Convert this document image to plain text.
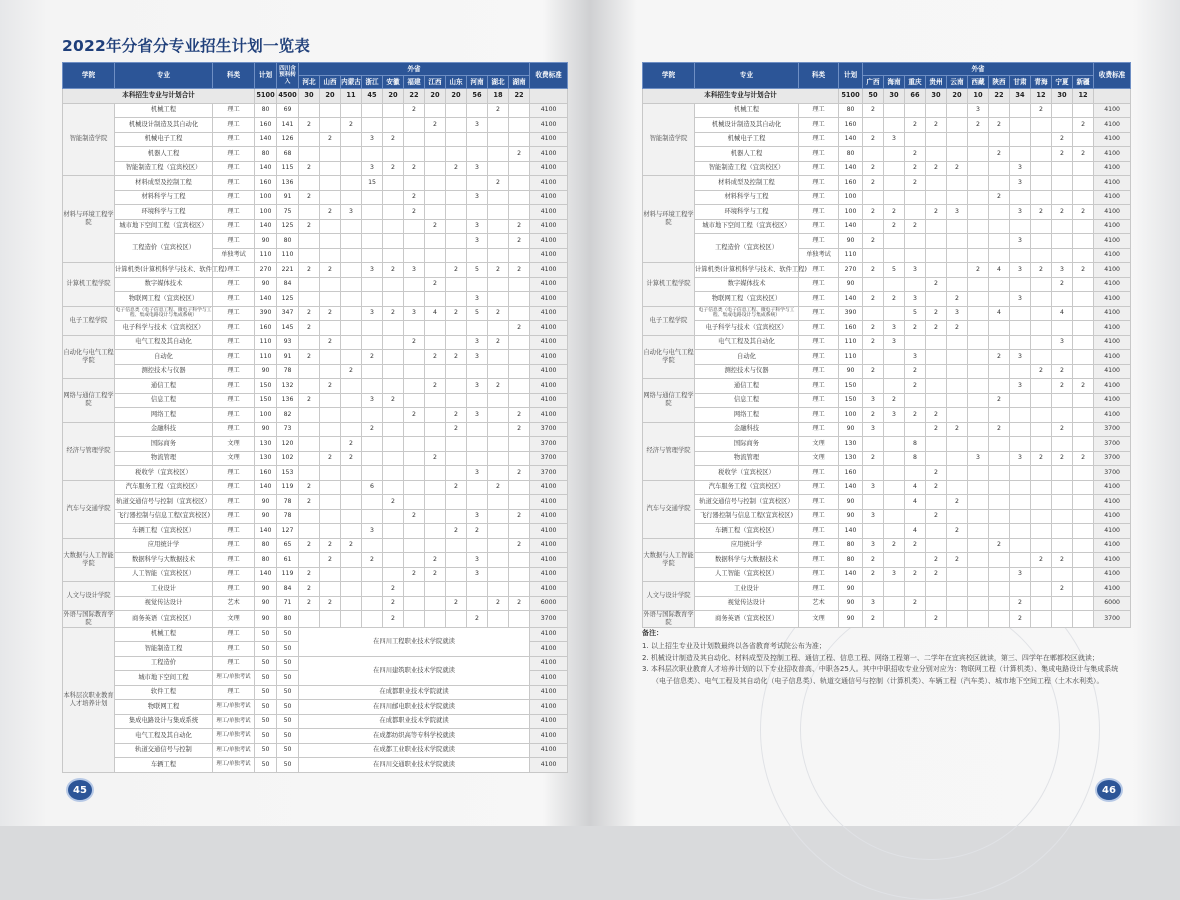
2022年分省分专业招生计划一览表
学院	专业	科类	计划	四川含预科转入	外省											收费标准
					河北	山西	内蒙古	浙江	安徽	福建	江西	山东	河南	湖北	湖南	
本科招生专业与计划合计			5100	4500	30	20	11	45	20	22	20	20	56	18	22	
智能制造学院	机械工程	理工	80	69						2				2		4100
	机械设计制造及其自动化	理工	160	141	2		2				2		3			4100
	机械电子工程	理工	140	126		2		3	2							4100
	机器人工程	理工	80	68											2	4100
	智能制造工程（宜宾校区）	理工	140	115	2			3	2	2		2	3			4100
材料与环境工程学院	材料成型及控制工程	理工	160	136				15						2		4100
	材料科学与工程	理工	100	91	2					2			3			4100
	环境科学与工程	理工	100	75		2	3			2						4100
	城市地下空间工程（宜宾校区）	理工	140	125	2						2		3		2	4100
	工程造价（宜宾校区）	理工	90	80									3		2	4100
		单独考试	110	110												4100
计算机工程学院	计算机类(计算机科学与技术、软件工程)	理工	270	221	2	2		3	2	3		2	5	2	2	4100
	数字媒体技术	理工	90	84							2					4100
	物联网工程（宜宾校区）	理工	140	125									3			4100
电子工程学院	电子信息类（电子信息工程、微电子科学与工程、集成电路设计与集成系统）	理工	390	347	2	2		3	2	3	4	2	5	2		4100
	电子科学与技术（宜宾校区）	理工	160	145	2										2	4100
自动化与电气工程学院	电气工程及其自动化	理工	110	93		2				2			3	2		4100
	自动化	理工	110	91	2			2			2	2	3			4100
	测控技术与仪器	理工	90	78			2									4100
网络与通信工程学院	通信工程	理工	150	132		2					2		3	2		4100
	信息工程	理工	150	136	2			3	2							4100
	网络工程	理工	100	82						2		2	3		2	4100
经济与管理学院	金融科技	理工	90	73				2				2			2	3700
	国际商务	文理	130	120			2									3700
	物流管理	文理	130	102		2	2				2					3700
	税收学（宜宾校区）	理工	160	153									3		2	3700
汽车与交通学院	汽车服务工程（宜宾校区）	理工	140	119	2			6				2		2		4100
	轨道交通信号与控制（宜宾校区）	理工	90	78	2				2							4100
	飞行器控制与信息工程(宜宾校区)	理工	90	78						2			3		2	4100
	车辆工程（宜宾校区）	理工	140	127				3				2	2			4100
大数据与人工智能学院	应用统计学	理工	80	65	2	2	2								2	4100
	数据科学与大数据技术	理工	80	61		2		2			2		3			4100
	人工智能（宜宾校区）	理工	140	119	2					2	2		3			4100
人文与设计学院	工业设计	理工	90	84	2				2							4100
	视觉传达设计	艺术	90	71	2	2			2			2		2	2	6000
外语与国际教育学院	商务英语（宜宾校区）	文理	90	80					2				2			3700
本科层次职业教育人才培养计划	机械工程	理工	50	50	在四川工程职业技术学院就读											4100
	智能制造工程	理工	50	50												4100
	工程造价	理工	50	50	在四川建筑职业技术学院就读											4100
	城市地下空间工程	理工/单独考试	50	50												4100
	软件工程	理工	50	50	在成都职业技术学院就读											4100
	物联网工程	理工/单独考试	50	50	在四川邮电职业技术学院就读											4100
	集成电路设计与集成系统	理工/单独考试	50	50	在成都职业技术学院就读											4100
	电气工程及其自动化	理工/单独考试	50	50	在成都纺织高等专科学校就读											4100
	轨道交通信号与控制	理工/单独考试	50	50	在成都工业职业技术学院就读											4100
	车辆工程	理工/单独考试	50	50	在四川交通职业技术学院就读											4100
学院	专业	科类	计划	外省											收费标准
				广西	海南	重庆	贵州	云南	西藏	陕西	甘肃	青海	宁夏	新疆	
本科招生专业与计划合计			5100	50	30	66	30	20	10	22	34	12	30	12	
智能制造学院	机械工程	理工	80	2					3			2			4100
	机械设计制造及其自动化	理工	160			2	2		2	2				2	4100
	机械电子工程	理工	140	2	3								2		4100
	机器人工程	理工	80			2				2			2	2	4100
	智能制造工程（宜宾校区）	理工	140	2		2	2	2			3				4100
材料与环境工程学院	材料成型及控制工程	理工	160	2		2					3				4100
	材料科学与工程	理工	100							2					4100
	环境科学与工程	理工	100	2	2		2	3			3	2	2	2	4100
	城市地下空间工程（宜宾校区）	理工	140		2	2									4100
	工程造价（宜宾校区）	理工	90	2							3				4100
		单独考试	110												4100
计算机工程学院	计算机类(计算机科学与技术、软件工程)	理工	270	2	5	3			2	4	3	2	3	2	4100
	数字媒体技术	理工	90				2						2		4100
	物联网工程（宜宾校区）	理工	140	2	2	3		2			3				4100
电子工程学院	电子信息类（电子信息工程、微电子科学与工程、集成电路设计与集成系统）	理工	390			5	2	3		4			4		4100
	电子科学与技术（宜宾校区）	理工	160	2	3	2	2	2							4100
自动化与电气工程学院	电气工程及其自动化	理工	110	2	3								3		4100
	自动化	理工	110			3				2	3				4100
	测控技术与仪器	理工	90	2		2						2	2		4100
网络与通信工程学院	通信工程	理工	150			2					3		2	2	4100
	信息工程	理工	150	3	2					2					4100
	网络工程	理工	100	2	3	2	2								4100
经济与管理学院	金融科技	理工	90	3			2	2		2			2		3700
	国际商务	文理	130			8									3700
	物流管理	文理	130	2		8			3		3	2	2	2	3700
	税收学（宜宾校区）	理工	160				2								3700
汽车与交通学院	汽车服务工程（宜宾校区）	理工	140	3		4	2								4100
	轨道交通信号与控制（宜宾校区）	理工	90			4		2							4100
	飞行器控制与信息工程(宜宾校区)	理工	90	3			2								4100
	车辆工程（宜宾校区）	理工	140			4		2							4100
大数据与人工智能学院	应用统计学	理工	80	3	2	2				2					4100
	数据科学与大数据技术	理工	80	2			2	2				2	2		4100
	人工智能（宜宾校区）	理工	140	2	3	2	2				3				4100
人文与设计学院	工业设计	理工	90										2		4100
	视觉传达设计	艺术	90	3		2					2				6000
外语与国际教育学院	商务英语（宜宾校区）	文理	90	2			2				2				3700
备注：

1. 以上招生专业及计划数最终以各省教育考试院公布为准；

2. 机械设计制造及其自动化、材料成型及控制工程、通信工程、信息工程、网络工程第一、二学年在宜宾校区就读，第三、四学年在郫都校区就读；

3. 本科层次职业教育人才培养计划的以下专业招收普高、中职各25人。其中中职招收专业分别对应为：物联网工程（计算机类）、集成电路设计与集成系统（电子信息类）、电气工程及其自动化（电子信息类）、轨道交通信号与控制（计算机类）、车辆工程（汽车类）、城市地下空间工程（土木水利类）。

45	46
